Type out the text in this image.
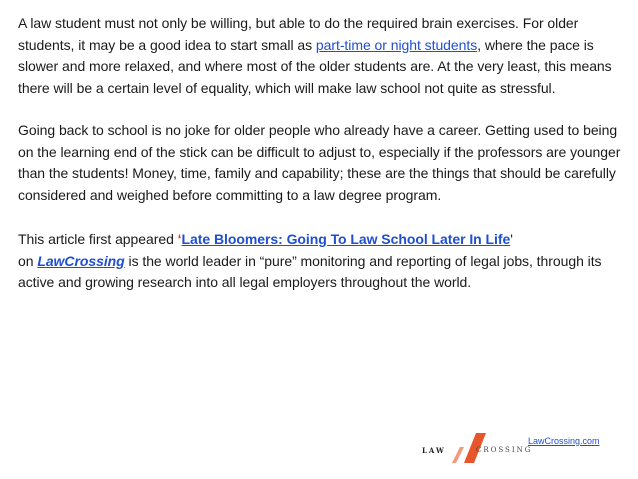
A law student must not only be willing, but able to do the required brain exercises. For older students, it may be a good idea to start small as part-time or night students, where the pace is slower and more relaxed, and where most of the older students are. At the very least, this means there will be a certain level of equality, which will make law school not quite as stressful.

Going back to school is no joke for older people who already have a career. Getting used to being on the learning end of the stick can be difficult to adjust to, especially if the professors are younger than the students! Money, time, family and capability; these are the things that should be carefully considered and weighed before committing to a law degree program.

This article first appeared ‘Late Bloomers: Going To Law School Later In Life'
on LawCrossing is the world leader in “pure” monitoring and reporting of legal jobs, through its active and growing research into all legal employers throughout the world.

LAW	CROSSING
LawCrossing.com
